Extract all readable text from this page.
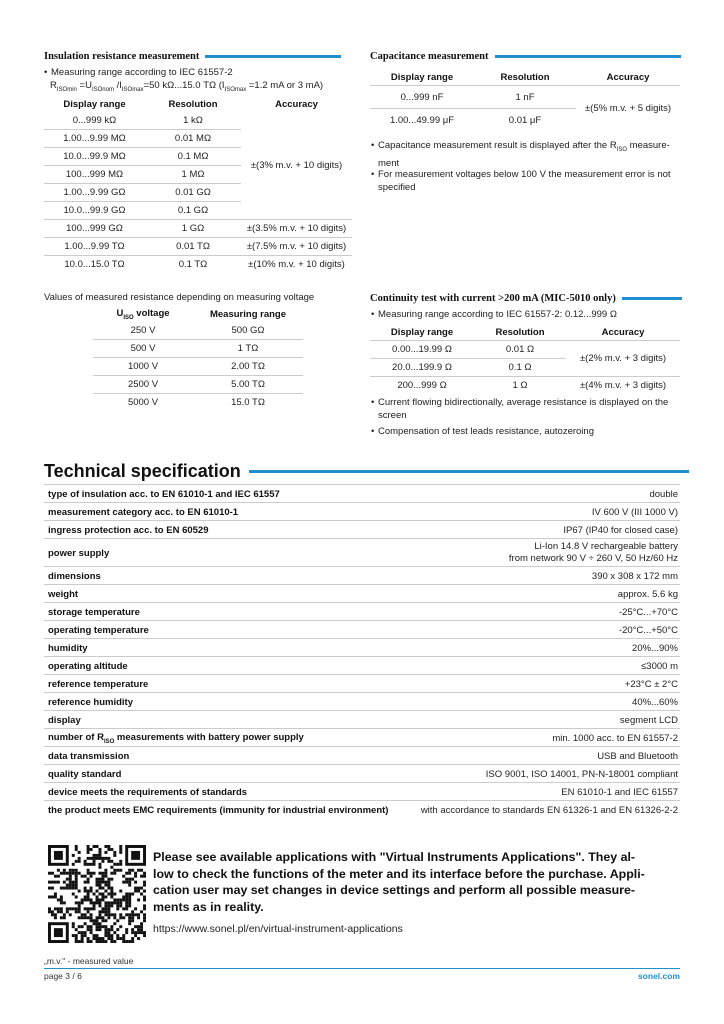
Insulation resistance measurement
• Measuring range according to IEC 61557-2
$R_{ISOmin} =U_{ISOnom}$ $/I_{ISOmax}=50$ kΩ...15.0 TΩ ($I_{ISOmax} =1.2$ mA or 3 mA)
Display range	Resolution	Accuracy
0...999 kΩ	1 kΩ	±(3% m.v. + 10 digits)
1.00...9.99 MΩ	0.01 MΩ	
10.0...99.9 MΩ	0.1 MΩ	
100...999 MΩ	1 MΩ	
1.00...9.99 GΩ	0.01 GΩ	
10.0...99.9 GΩ	0.1 GΩ	
100...999 GΩ	1 GΩ	±(3.5% m.v. + 10 digits)
1.00...9.99 TΩ	0.01 TΩ	±(7.5% m.v. + 10 digits)
10.0...15.0 TΩ	0.1 TΩ	±(10% m.v. + 10 digits)
Values of measured resistance depending on measuring voltage
$U_{ISO}$ voltage	Measuring range
250 V	500 GΩ
500 V	1 TΩ
1000 V	2.00 TΩ
2500 V	5.00 TΩ
5000 V	15.0 TΩ
Capacitance measurement
Display range	Resolution	Accuracy
0...999 nF	1 nF	±(5% m.v. + 5 digits)
1.00...49.99 μF	0.01 μF	
• Capacitance measurement result is displayed after the $R_{ISO}$ measure-
ment
• For measurement voltages below 100 V the measurement error is not specified
Continuity test with current >200 mA (MIC-5010 only)
• Measuring range according to IEC 61557-2: 0.12...999 Ω
Display range	Resolution	Accuracy
0.00...19.99 Ω	0.01 Ω	±(2% m.v. + 3 digits)
20.0...199.9 Ω	0.1 Ω	
200...999 Ω	1 Ω	±(4% m.v. + 3 digits)
• Current flowing bidirectionally, average resistance is displayed on the screen
• Compensation of test leads resistance, autozeroing
Technical specification
type of insulation acc. to EN 61010-1 and IEC 61557	double
measurement category acc. to EN 61010-1	IV 600 V (III 1000 V)
ingress protection acc. to EN 60529	IP67 (IP40 for closed case)
power supply
Li-Ion 14.8 V rechargeable battery
from network 90 V ÷ 260 V, 50 Hz/60 Hz
dimensions	390 x 308 x 172 mm
weight	approx. 5.6 kg
storage temperature	-25°C...+70°C
operating temperature	-20°C...+50°C
humidity	20%...90%
operating altitude	≤3000 m
reference temperature	+23°C ± 2°C
reference humidity	40%...60%
display	segment LCD
number of $R_{ISO}$ measurements with battery power supply	min. 1000 acc. to EN 61557-2
data transmission	USB and Bluetooth
quality standard	ISO 9001, ISO 14001, PN-N-18001 compliant
device meets the requirements of standards	EN 61010-1 and IEC 61557
the product meets EMC requirements (immunity for industrial environment)	with accordance to standards EN 61326-1 and EN 61326-2-2
Please see available applications with "Virtual Instruments Applications". They al-
low to check the functions of the meter and its interface before the purchase. Appli-
cation user may set changes in device settings and perform all possible measure-
ments as in reality.
https://www.sonel.pl/en/virtual-instrument-applications
„m.v." - measured value
page 3 / 6	sonel.com
